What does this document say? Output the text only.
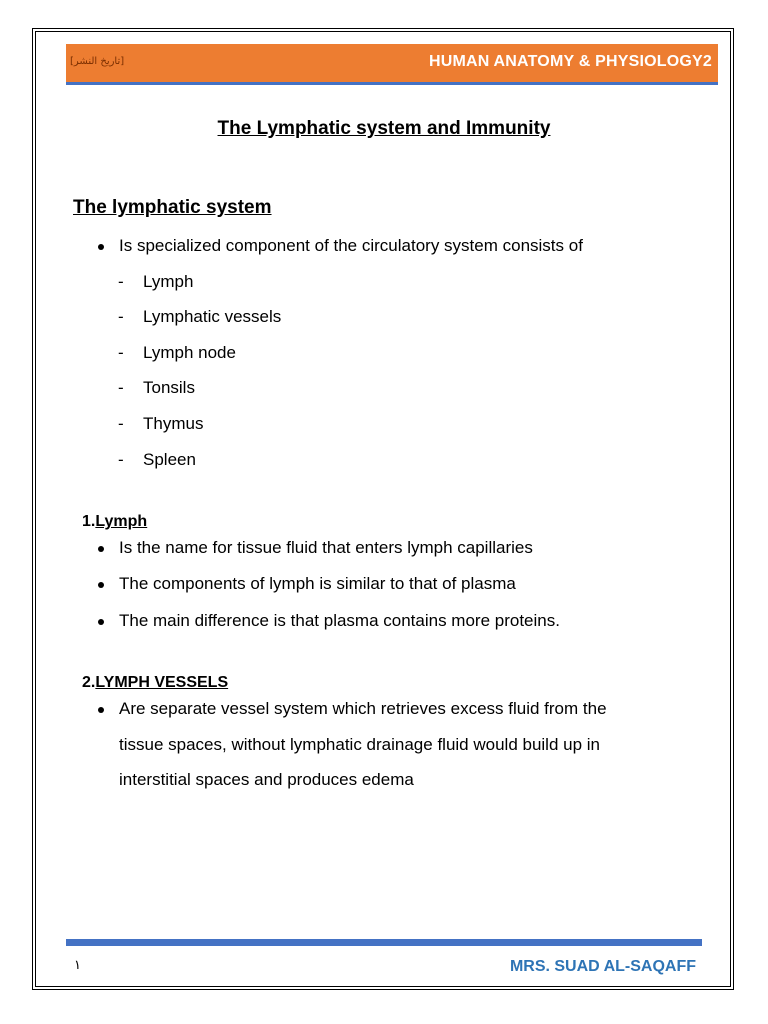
[تاريخ النشر]	HUMAN ANATOMY & PHYSIOLOGY2
The Lymphatic system and Immunity
The lymphatic system
Is specialized component of the circulatory system consists of
- Lymph
- Lymphatic vessels
- Lymph node
- Tonsils
- Thymus
- Spleen
1.Lymph
Is the name for tissue fluid that enters lymph capillaries
The components of lymph is similar to that of plasma
The main difference is that plasma contains more proteins.
2.LYMPH VESSELS
Are separate vessel system which retrieves excess fluid from the
tissue spaces, without lymphatic drainage fluid would build up in
interstitial spaces and produces edema
١	MRS. SUAD AL-SAQAFF
